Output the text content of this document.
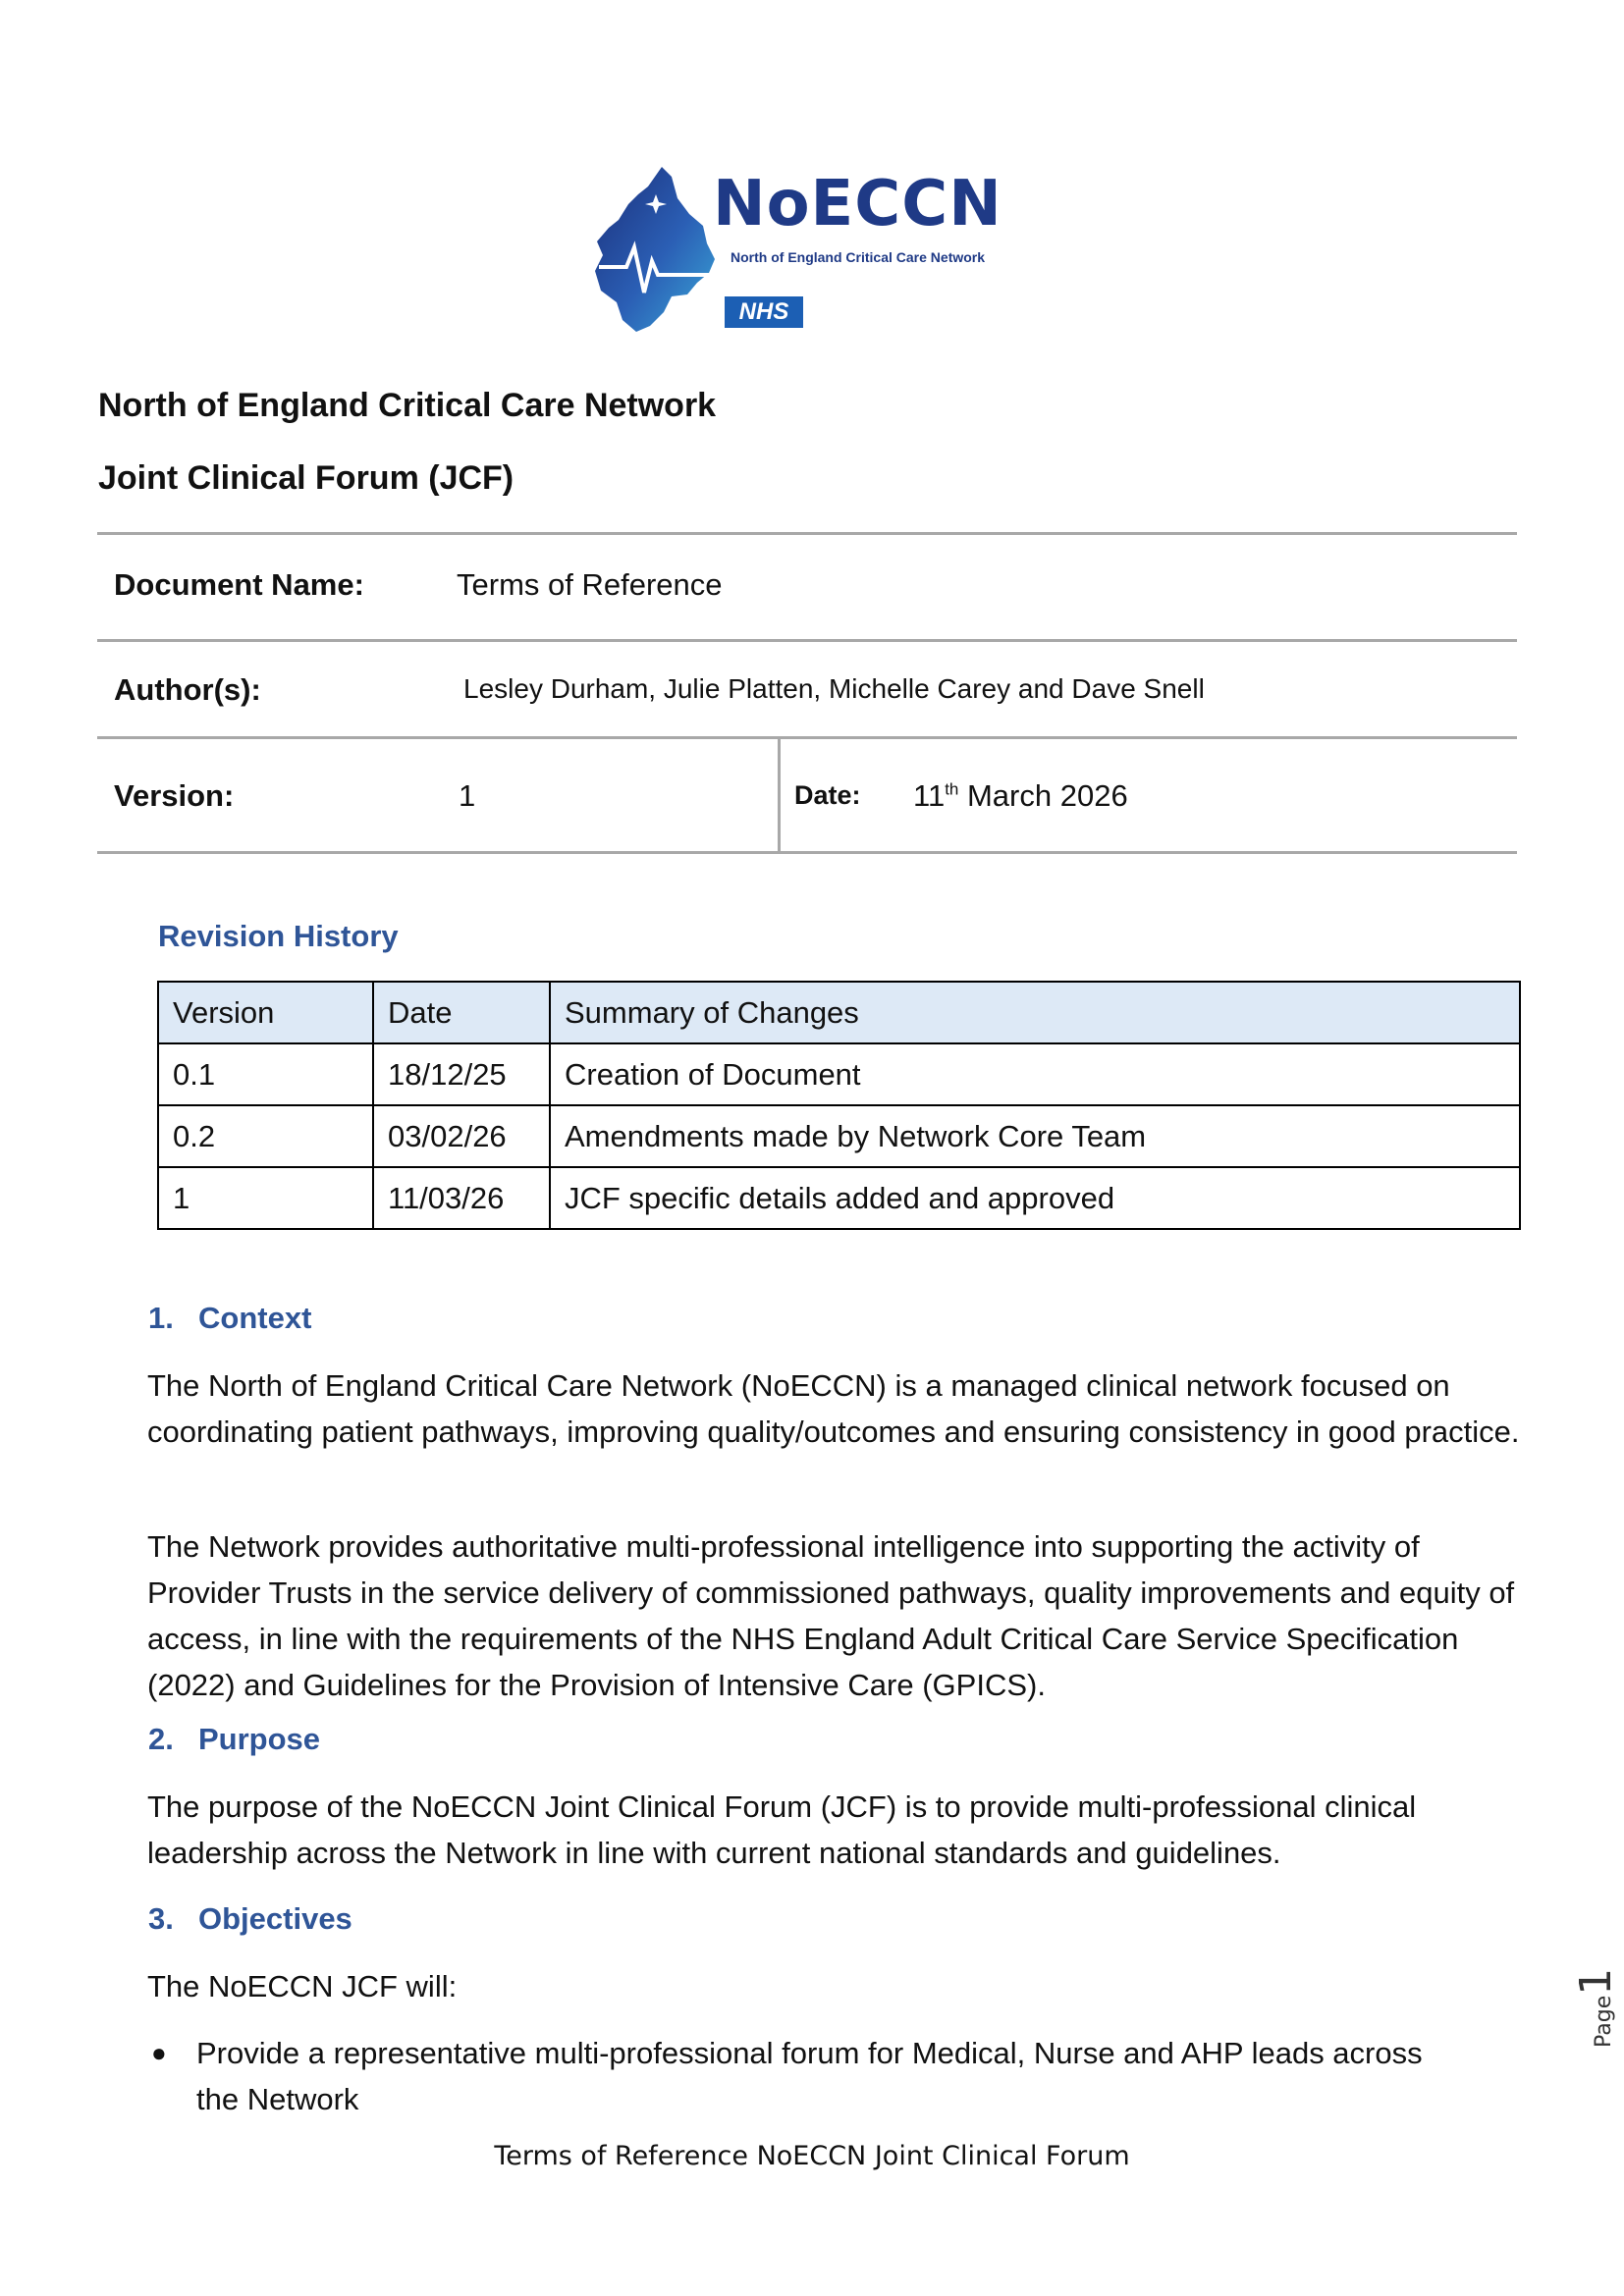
NoECCN
North of England Critical Care Network
NHS
North of England Critical Care Network
Joint Clinical Forum (JCF)
Document Name:	Terms of Reference
Author(s):	Lesley Durham, Julie Platten, Michelle Carey and Dave Snell
Version:	1	Date: 11th March 2026
Revision History
Version	Date	Summary of Changes
0.1	18/12/25	Creation of Document
0.2	03/02/26	Amendments made by Network Core Team
1	11/03/26	JCF specific details added and approved
1. Context
The North of England Critical Care Network (NoECCN) is a managed clinical network focused on coordinating patient pathways, improving quality/outcomes and ensuring consistency in good practice.
The Network provides authoritative multi-professional intelligence into supporting the activity of Provider Trusts in the service delivery of commissioned pathways, quality improvements and equity of access, in line with the requirements of the NHS England Adult Critical Care Service Specification (2022) and Guidelines for the Provision of Intensive Care (GPICS).
2. Purpose
The purpose of the NoECCN Joint Clinical Forum (JCF) is to provide multi-professional clinical leadership across the Network in line with current national standards and guidelines.
3. Objectives
The NoECCN JCF will:
● Provide a representative multi-professional forum for Medical, Nurse and AHP leads across the Network
Terms of Reference NoECCN Joint Clinical Forum
Page1
